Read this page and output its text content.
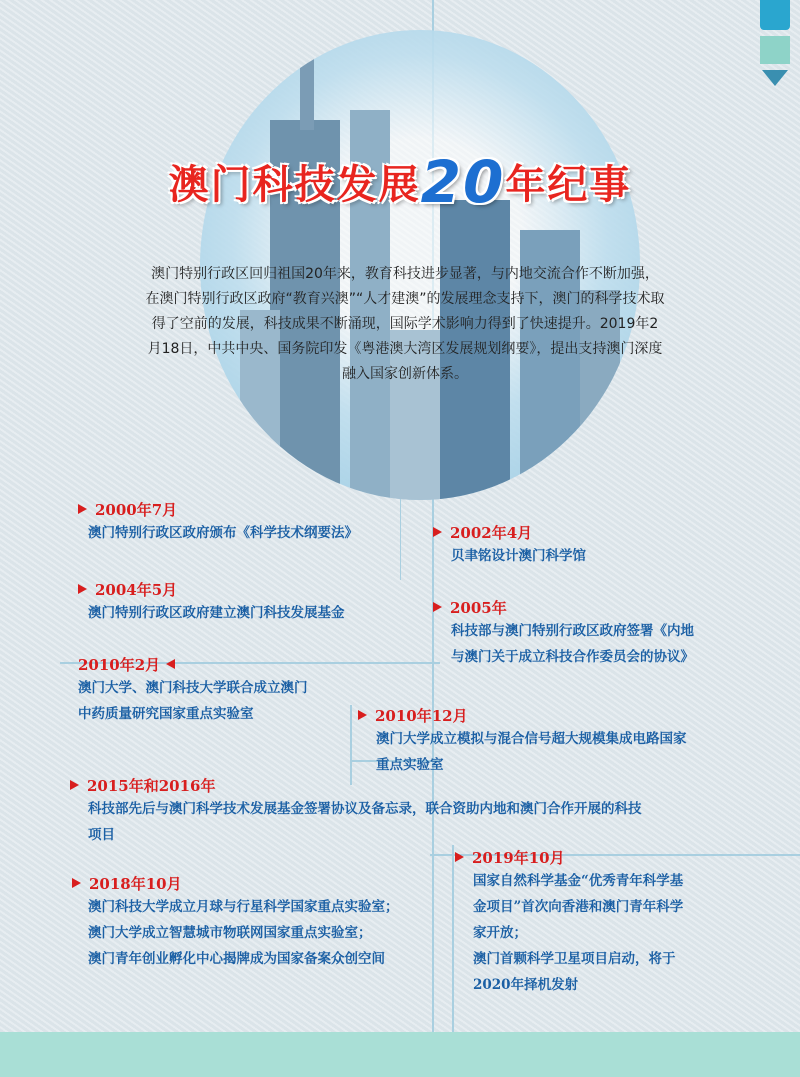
澳门科技发展20年纪事
澳门特别行政区回归祖国20年来，教育科技进步显著，与内地交流合作不断加强，在澳门特别行政区政府“教育兴澳”“人才建澳”的发展理念支持下，澳门的科学技术取得了空前的发展，科技成果不断涌现，国际学术影响力得到了快速提升。2019年2月18日，中共中央、国务院印发《粤港澳大湾区发展规划纲要》，提出支持澳门深度融入国家创新体系。
2000年7月
澳门特别行政区政府颁布《科学技术纲要法》	2002年4月
贝聿铭设计澳门科学馆
2004年5月
澳门特别行政区政府建立澳门科技发展基金	2005年
科技部与澳门特别行政区政府签署《内地
与澳门关于成立科技合作委员会的协议》
2010年2月
澳门大学、澳门科技大学联合成立澳门
中药质量研究国家重点实验室	2010年12月
澳门大学成立模拟与混合信号超大规模集成电路国家
重点实验室
2015年和2016年
科技部先后与澳门科学技术发展基金签署协议及备忘录，联合资助内地和澳门合作开展的科技
项目
2019年10月
国家自然科学基金“优秀青年科学基
金项目”首次向香港和澳门青年科学
家开放；
澳门首颗科学卫星项目启动，将于
2020年择机发射
2018年10月
澳门科技大学成立月球与行星科学国家重点实验室；
澳门大学成立智慧城市物联网国家重点实验室；
澳门青年创业孵化中心揭牌成为国家备案众创空间
